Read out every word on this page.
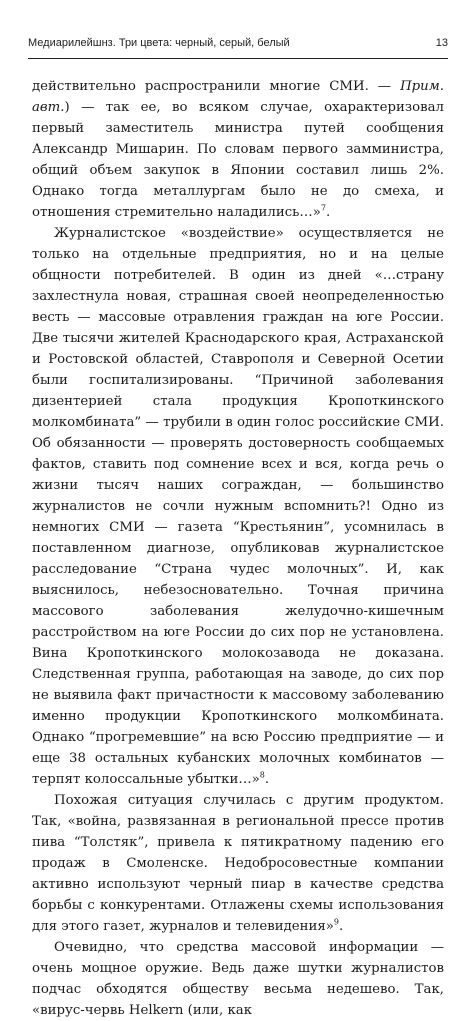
Медиарилейшнз. Три цвета: черный, серый, белый	13

действительно распространили многие СМИ. — Прим. авт.) — так ее, во всяком случае, охарактеризовал первый заместитель министра путей сообщения Александр Мишарин. По словам первого замминистра, общий объем закупок в Японии составил лишь 2%. Однако тогда металлургам было не до смеха, и отношения стремительно наладились…»$^7$.

Журналистское «воздействие» осуществляется не только на отдельные предприятия, но и на целые общности потребителей. В один из дней «…страну захлестнула новая, страшная своей неопределенностью весть — массовые отравления граждан на юге России. Две тысячи жителей Краснодарского края, Астраханской и Ростовской областей, Ставрополя и Северной Осетии были госпитализированы. “Причиной заболевания дизентерией стала продукция Кропоткинского молкомбината” — трубили в один голос российские СМИ. Об обязанности — проверять достоверность сообщаемых фактов, ставить под сомнение всех и вся, когда речь о жизни тысяч наших сограждан, — большинство журналистов не сочли нужным вспомнить?! Одно из немногих СМИ — газета “Крестьянин”, усомнилась в поставленном диагнозе, опубликовав журналистское расследование “Страна чудес молочных”. И, как выяснилось, небезосновательно. Точная причина массового заболевания желудочно-кишечным расстройством на юге России до сих пор не установлена. Вина Кропоткинского молокозавода не доказана. Следственная группа, работающая на заводе, до сих пор не выявила факт причастности к массовому заболеванию именно продукции Кропоткинского молкомбината. Однако “прогремевшие” на всю Россию предприятие — и еще 38 остальных кубанских молочных комбинатов — терпят колоссальные убытки…»$^8$.

Похожая ситуация случилась с другим продуктом. Так, «война, развязанная в региональной прессе против пива “Толстяк”, привела к пятикратному падению его продаж в Смоленске. Недобросовестные компании активно используют черный пиар в качестве средства борьбы с конкурентами. Отлажены схемы использования для этого газет, журналов и телевидения»$^9$.

Очевидно, что средства массовой информации — очень мощное оружие. Ведь даже шутки журналистов подчас обходятся обществу весьма недешево. Так, «вирус-червь Helkern (или, как
